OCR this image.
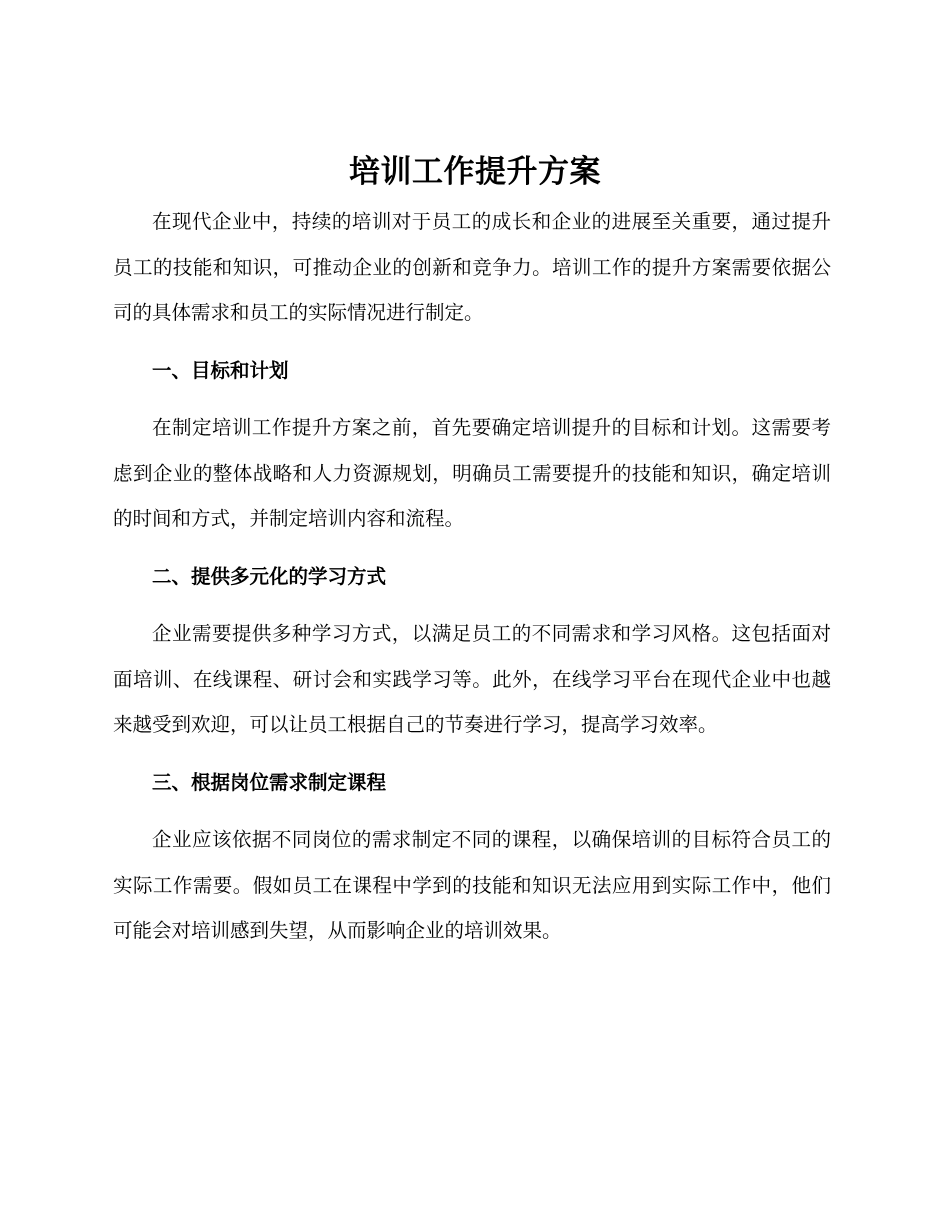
培训工作提升方案

在现代企业中，持续的培训对于员工的成长和企业的进展至关重要，通过提升员工的技能和知识，可推动企业的创新和竞争力。培训工作的提升方案需要依据公司的具体需求和员工的实际情况进行制定。

一、目标和计划

在制定培训工作提升方案之前，首先要确定培训提升的目标和计划。这需要考虑到企业的整体战略和人力资源规划，明确员工需要提升的技能和知识，确定培训的时间和方式，并制定培训内容和流程。

二、提供多元化的学习方式

企业需要提供多种学习方式，以满足员工的不同需求和学习风格。这包括面对面培训、在线课程、研讨会和实践学习等。此外，在线学习平台在现代企业中也越来越受到欢迎，可以让员工根据自己的节奏进行学习，提高学习效率。

三、根据岗位需求制定课程

企业应该依据不同岗位的需求制定不同的课程，以确保培训的目标符合员工的实际工作需要。假如员工在课程中学到的技能和知识无法应用到实际工作中，他们可能会对培训感到失望，从而影响企业的培训效果。
